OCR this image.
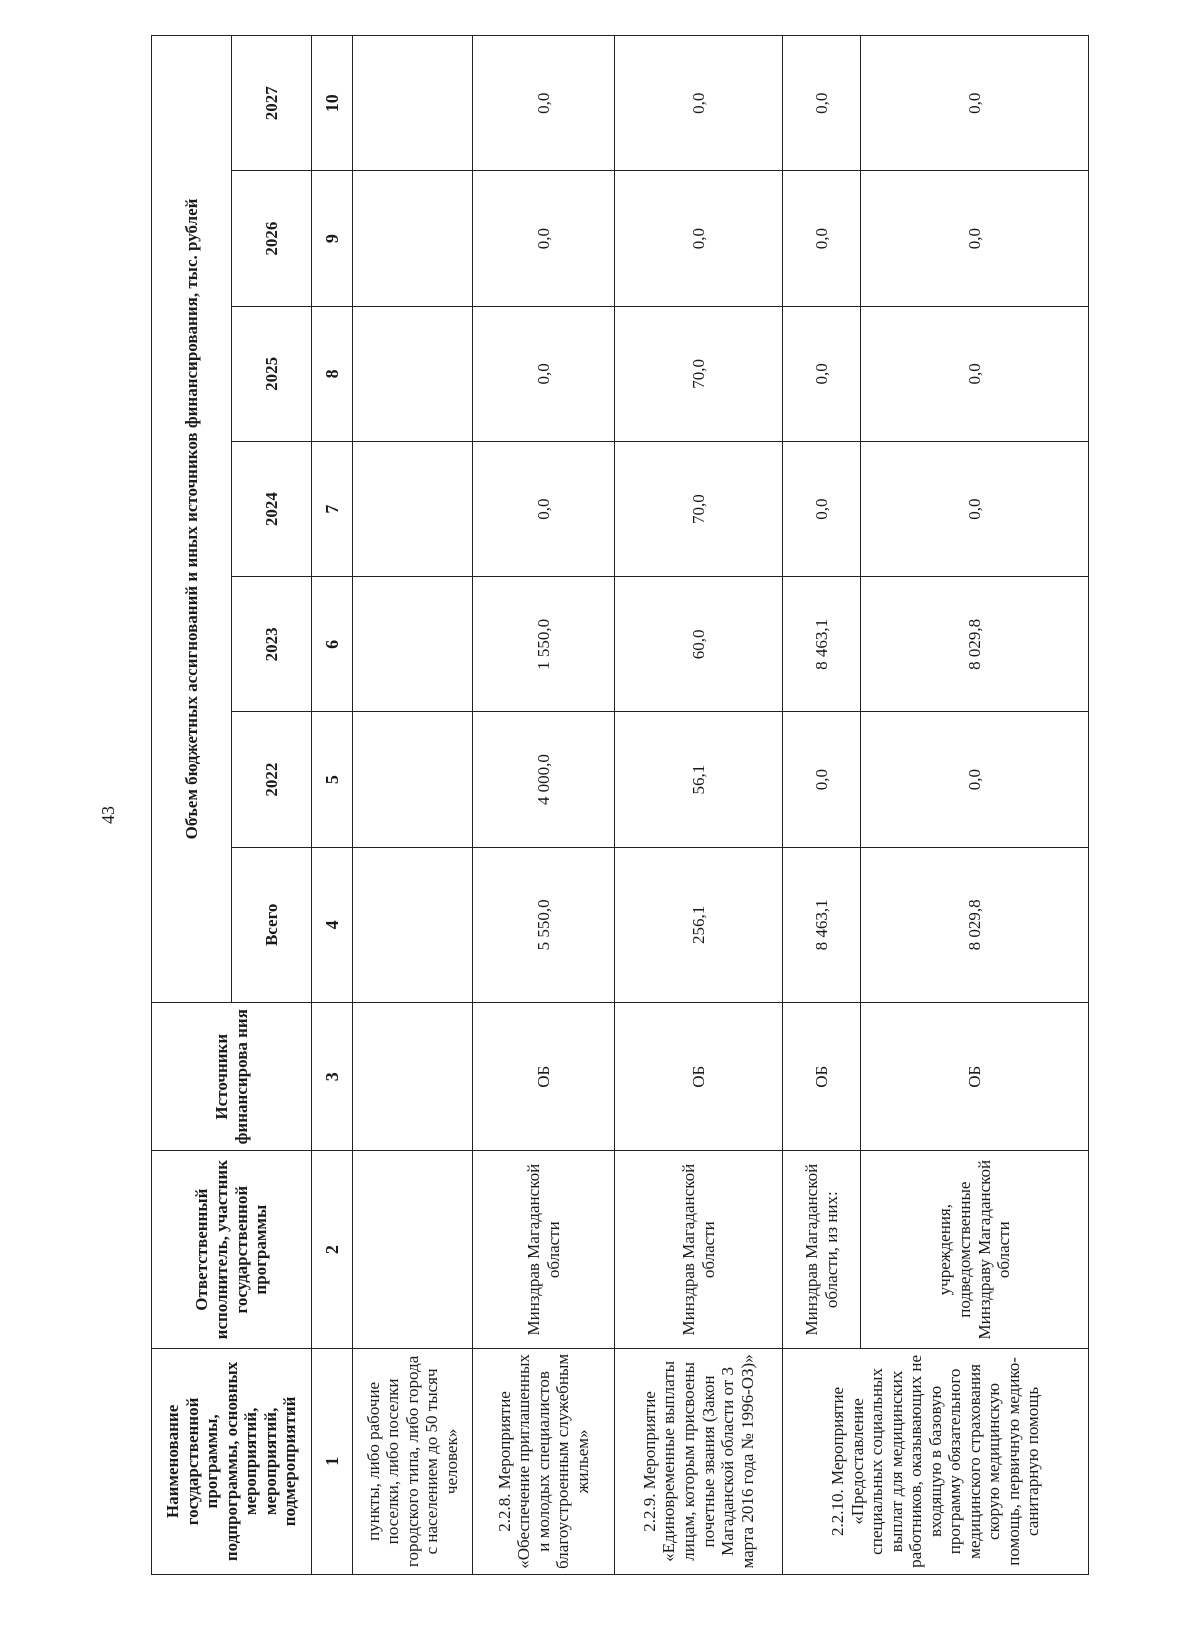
43
Наименование государственной программы, подпрограммы, основных мероприятий, мероприятий, подмероприятий	Ответственный исполнитель, участник государственной программы	Источники финансирова ния	Объем бюджетных ассигнований и иных источников финансирования, тыс. рублей						
			Всего	2022	2023	2024	2025	2026	2027
1	2	3	4	5	6	7	8	9	10
пункты, либо рабочие поселки, либо поселки городского типа, либо города с населением до 50 тысяч человек»									
2.2.8. Мероприятие «Обеспечение приглашенных и молодых специалистов благоустроенным служебным жильем»	Минздрав Магаданской области	ОБ	5 550,0	4 000,0	1 550,0	0,0	0,0	0,0	0,0
2.2.9. Мероприятие «Единовременные выплаты лицам, которым присвоены почетные звания (Закон Магаданской области от 3 марта 2016 года № 1996-ОЗ)»	Минздрав Магаданской области	ОБ	256,1	56,1	60,0	70,0	70,0	0,0	0,0
2.2.10. Мероприятие «Предоставление специальных социальных выплат для медицинских работников, оказывающих не входящую в базовую программу обязательного медицинского страхования скорую медицинскую помощь, первичную медико-санитарную помощь	Минздрав Магаданской области, из них:	ОБ	8 463,1	0,0	8 463,1	0,0	0,0	0,0	0,0
	учреждения, подведомственные Минздраву Магаданской области	ОБ	8 029,8	0,0	8 029,8	0,0	0,0	0,0	0,0
